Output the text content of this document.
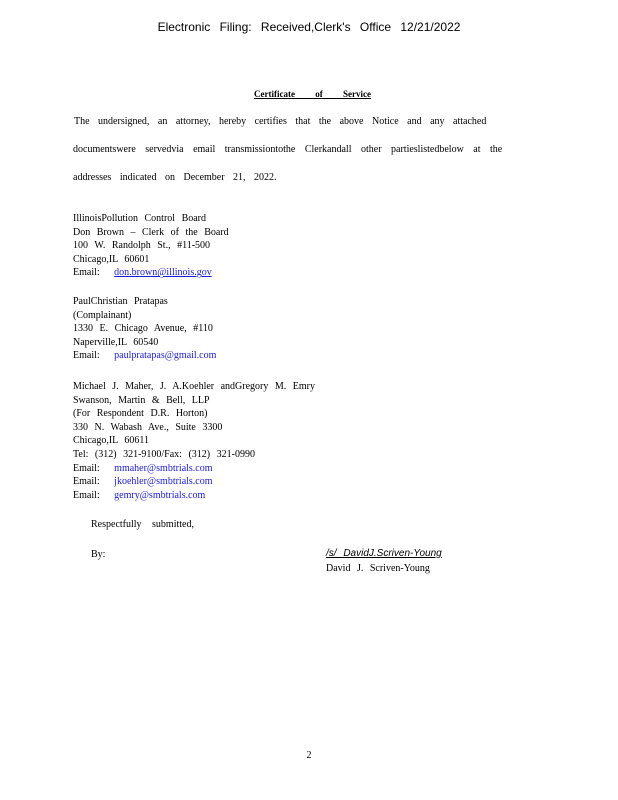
Electronic Filing: Received,Clerk's Office 12/21/2022
Certificate of Service
The undersigned, an attorney, hereby certifies that the above Notice and any attached
documentswere servedvia email transmissiontothe Clerkandall other partieslistedbelow at the
addresses indicated on December 21, 2022.
IllinoisPollution Control Board
Don Brown – Clerk of the Board
100 W. Randolph St., #11-500
Chicago,IL 60601
Email: don.brown@illinois.gov
PaulChristian Pratapas
(Complainant)
1330 E. Chicago Avenue, #110
Naperville,IL 60540
Email: paulpratapas@gmail.com
Michael J. Maher, J. A.Koehler andGregory M. Emry
Swanson, Martin & Bell, LLP
(For Respondent D.R. Horton)
330 N. Wabash Ave., Suite 3300
Chicago,IL 60611
Tel: (312) 321-9100/Fax: (312) 321-0990
Email: mmaher@smbtrials.com
Email: jkoehler@smbtrials.com
Email: gemry@smbtrials.com
Respectfully submitted,
By:	/s/ DavidJ.Scriven-Young
David J. Scriven-Young
2
